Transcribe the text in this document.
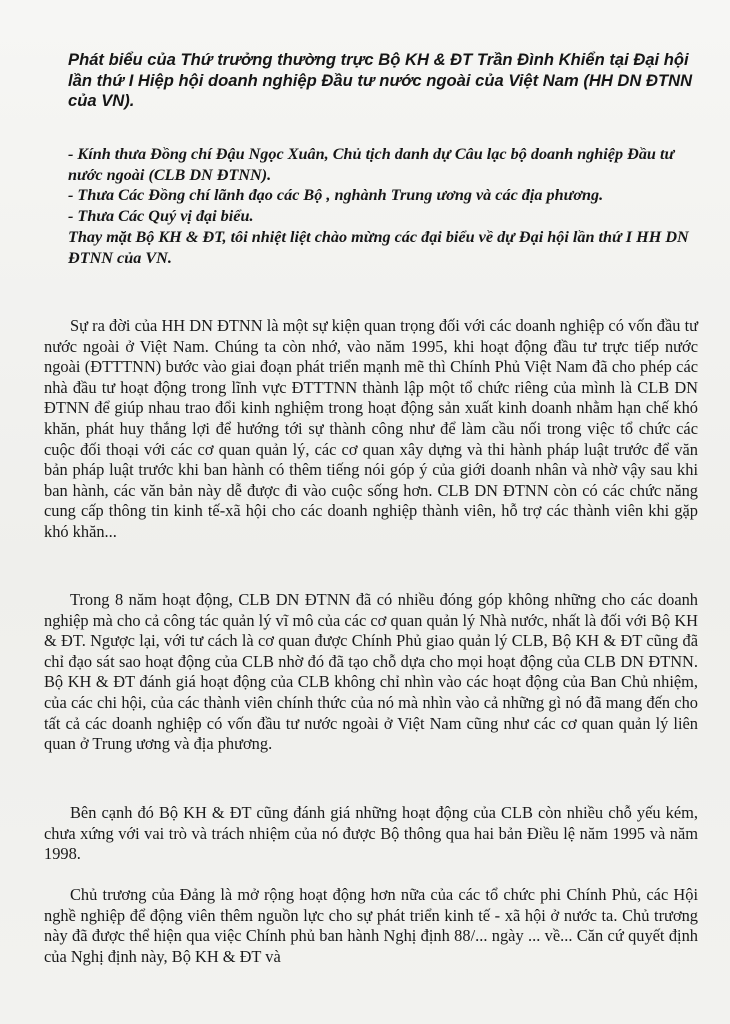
Phát biểu của Thứ trưởng thường trực Bộ KH & ĐT Trần Đình Khiển tại Đại hội lần thứ I Hiệp hội doanh nghiệp Đầu tư nước ngoài của Việt Nam (HH DN ĐTNN của VN).

- Kính thưa Đồng chí Đậu Ngọc Xuân, Chủ tịch danh dự Câu lạc bộ doanh nghiệp Đầu tư nước ngoài (CLB DN ĐTNN).

- Thưa Các Đồng chí lãnh đạo các Bộ , nghành Trung ương và các địa phương.

- Thưa Các Quý vị đại biểu.

Thay mặt Bộ KH & ĐT, tôi nhiệt liệt chào mừng các đại biểu về dự Đại hội lần thứ I HH DN ĐTNN của VN.

Sự ra đời của HH DN ĐTNN là một sự kiện quan trọng đối với các doanh nghiệp có vốn đầu tư nước ngoài ở Việt Nam. Chúng ta còn nhớ, vào năm 1995, khi hoạt động đầu tư trực tiếp nước ngoài (ĐTTTNN) bước vào giai đoạn phát triển mạnh mẽ thì Chính Phủ Việt Nam đã cho phép các nhà đầu tư hoạt động trong lĩnh vực ĐTTTNN thành lập một tổ chức riêng của mình là CLB DN ĐTNN để giúp nhau trao đổi kinh nghiệm trong hoạt động sản xuất kinh doanh nhằm hạn chế khó khăn, phát huy thắng lợi để hướng tới sự thành công như để làm cầu nối trong việc tổ chức các cuộc đối thoại với các cơ quan quản lý, các cơ quan xây dựng và thi hành pháp luật trước để văn bản pháp luật trước khi ban hành có thêm tiếng nói góp ý của giới doanh nhân và nhờ vậy sau khi ban hành, các văn bản này dễ được đi vào cuộc sống hơn. CLB DN ĐTNN còn có các chức năng cung cấp thông tin kinh tế-xã hội cho các doanh nghiệp thành viên, hỗ trợ các thành viên khi gặp khó khăn...

Trong 8 năm hoạt động, CLB DN ĐTNN đã có nhiều đóng góp không những cho các doanh nghiệp mà cho cả công tác quản lý vĩ mô của các cơ quan quản lý Nhà nước, nhất là đối với Bộ KH & ĐT. Ngược lại, với tư cách là cơ quan được Chính Phủ giao quản lý CLB, Bộ KH & ĐT cũng đã chỉ đạo sát sao hoạt động của CLB nhờ đó đã tạo chỗ dựa cho mọi hoạt động của CLB DN ĐTNN. Bộ KH & ĐT đánh giá hoạt động của CLB không chỉ nhìn vào các hoạt động của Ban Chủ nhiệm, của các chi hội, của các thành viên chính thức của nó mà nhìn vào cả những gì nó đã mang đến cho tất cả các doanh nghiệp có vốn đầu tư nước ngoài ở Việt Nam cũng như các cơ quan quản lý liên quan ở Trung ương và địa phương.

Bên cạnh đó Bộ KH & ĐT cũng đánh giá những hoạt động của CLB còn nhiều chỗ yếu kém, chưa xứng với vai trò và trách nhiệm của nó được Bộ thông qua hai bản Điều lệ năm 1995 và năm 1998.

Chủ trương của Đảng là mở rộng hoạt động hơn nữa của các tổ chức phi Chính Phủ, các Hội nghề nghiệp để động viên thêm nguồn lực cho sự phát triển kinh tế - xã hội ở nước ta. Chủ trương này đã được thể hiện qua việc Chính phủ ban hành Nghị định 88/... ngày ... về... Căn cứ quyết định của Nghị định này, Bộ KH & ĐT và
